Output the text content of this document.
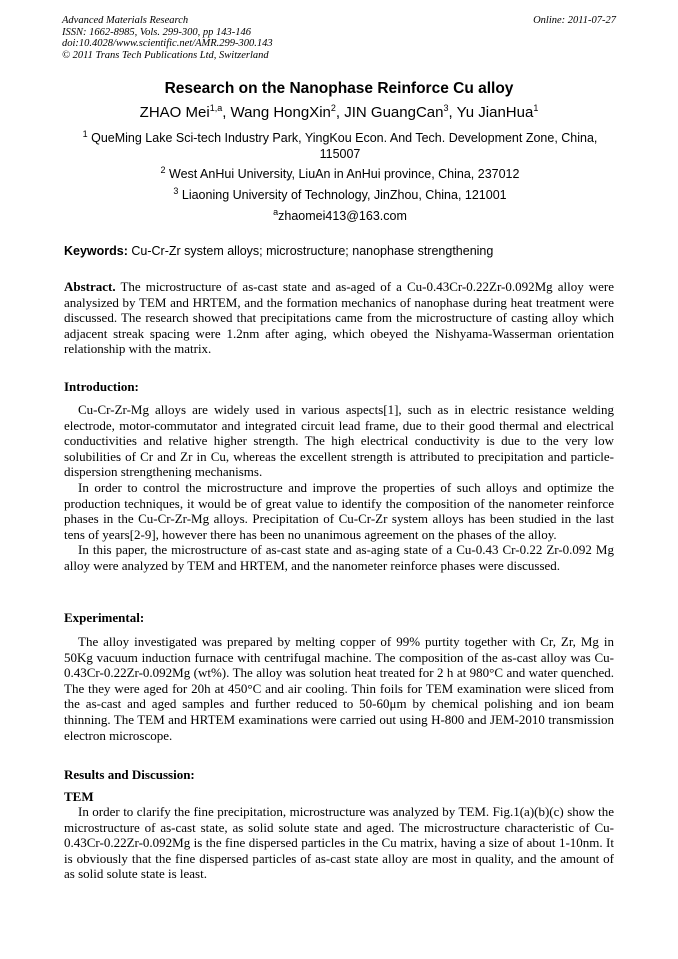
Advanced Materials Research
ISSN: 1662-8985, Vols. 299-300, pp 143-146
doi:10.4028/www.scientific.net/AMR.299-300.143
© 2011 Trans Tech Publications Ltd, Switzerland
Online: 2011-07-27
Research on the Nanophase Reinforce Cu alloy
ZHAO Mei$^{1,a}$, Wang HongXin$^2$, JIN GuangCan$^3$, Yu JianHua$^1$
$^1$ QueMing Lake Sci-tech Industry Park, YingKou Econ. And Tech. Development Zone, China, 115007
$^2$ West AnHui University, LiuAn in AnHui province, China, 237012
$^3$ Liaoning University of Technology, JinZhou, China, 121001
$^a$zhaomei413@163.com
Keywords: Cu-Cr-Zr system alloys; microstructure; nanophase strengthening

Abstract. The microstructure of as-cast state and as-aged of a Cu-0.43Cr-0.22Zr-0.092Mg alloy were analysized by TEM and HRTEM, and the formation mechanics of nanophase during heat treatment were discussed. The research showed that precipitations came from the microstructure of casting alloy which adjacent streak spacing were 1.2nm after aging, which obeyed the Nishyama-Wasserman orientation relationship with the matrix.

Introduction:

Cu-Cr-Zr-Mg alloys are widely used in various aspects[1], such as in electric resistance welding electrode, motor-commutator and integrated circuit lead frame, due to their good thermal and electrical conductivities and relative higher strength. The high electrical conductivity is due to the very low solubilities of Cr and Zr in Cu, whereas the excellent strength is attributed to precipitation and particle-dispersion strengthening mechanisms.

In order to control the microstructure and improve the properties of such alloys and optimize the production techniques, it would be of great value to identify the composition of the nanometer reinforce phases in the Cu-Cr-Zr-Mg alloys. Precipitation of Cu-Cr-Zr system alloys has been studied in the last tens of years[2-9], however there has been no unanimous agreement on the phases of the alloy.

In this paper, the microstructure of as-cast state and as-aging state of a Cu-0.43 Cr-0.22 Zr-0.092 Mg alloy were analyzed by TEM and HRTEM, and the nanometer reinforce phases were discussed.

Experimental:

The alloy investigated was prepared by melting copper of 99% purtity together with Cr, Zr, Mg in 50Kg vacuum induction furnace with centrifugal machine. The composition of the as-cast alloy was Cu-0.43Cr-0.22Zr-0.092Mg (wt%). The alloy was solution heat treated for 2 h at 980°C and water quenched. The they were aged for 20h at 450°C and air cooling. Thin foils for TEM examination were sliced from the as-cast and aged samples and further reduced to 50-60μm by chemical polishing and ion beam thinning. The TEM and HRTEM examinations were carried out using H-800 and JEM-2010 transmission electron microscope.

Results and Discussion:
TEM

In order to clarify the fine precipitation, microstructure was analyzed by TEM. Fig.1(a)(b)(c) show the microstructure of as-cast state, as solid solute state and aged. The microstructure characteristic of Cu-0.43Cr-0.22Zr-0.092Mg is the fine dispersed particles in the Cu matrix, having a size of about 1-10nm. It is obviously that the fine dispersed particles of as-cast state alloy are most in quality, and the amount of as solid solute state is least.
